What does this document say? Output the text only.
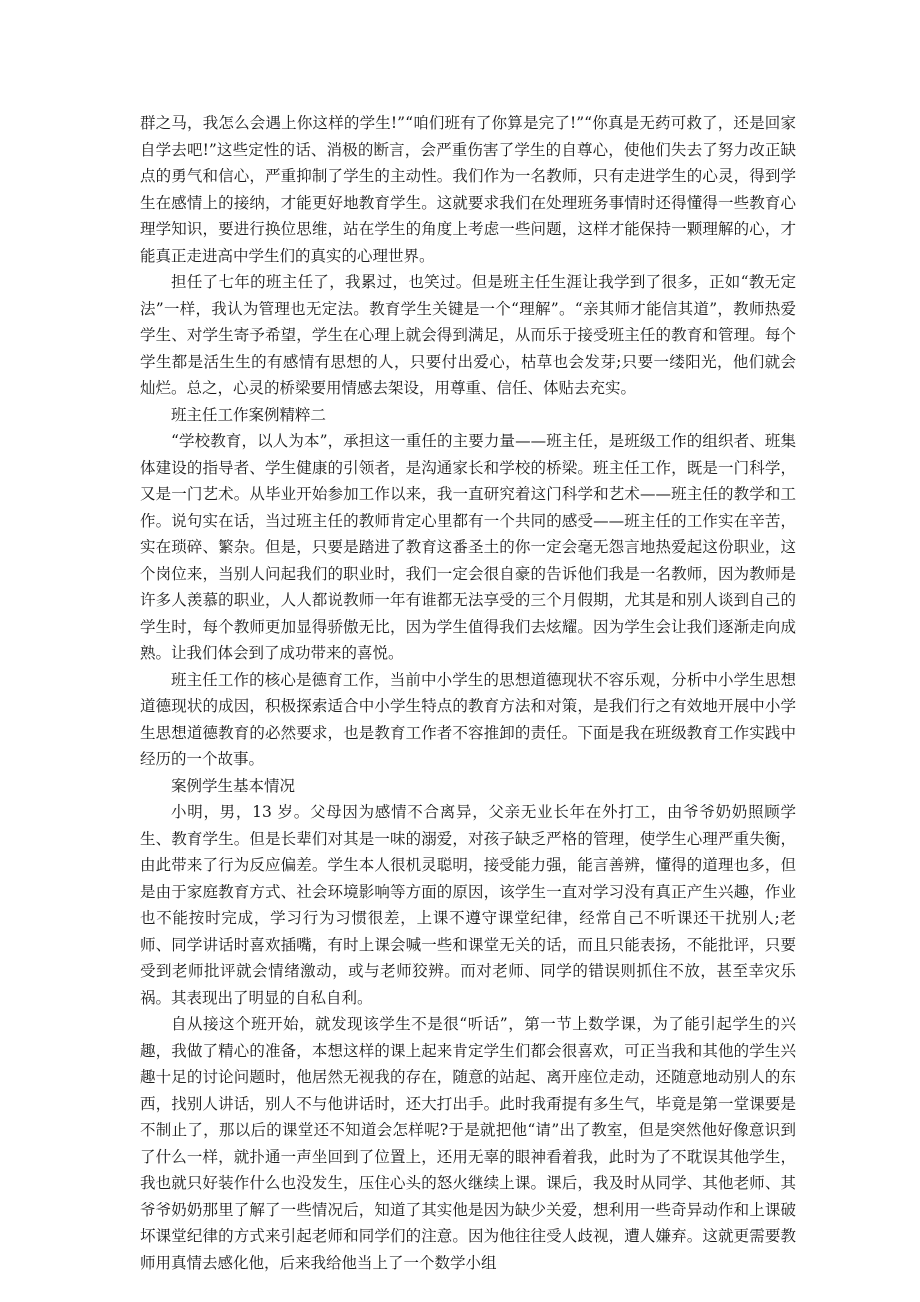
群之马，我怎么会遇上你这样的学生!”“咱们班有了你算是完了!”“你真是无药可救了，还是回家自学去吧!”这些定性的话、消极的断言，会严重伤害了学生的自尊心，使他们失去了努力改正缺点的勇气和信心，严重抑制了学生的主动性。我们作为一名教师，只有走进学生的心灵，得到学生在感情上的接纳，才能更好地教育学生。这就要求我们在处理班务事情时还得懂得一些教育心理学知识，要进行换位思维，站在学生的角度上考虑一些问题，这样才能保持一颗理解的心，才能真正走进高中学生们的真实的心理世界。

担任了七年的班主任了，我累过，也笑过。但是班主任生涯让我学到了很多，正如“教无定法”一样，我认为管理也无定法。教育学生关键是一个“理解”。“亲其师才能信其道”，教师热爱学生、对学生寄予希望，学生在心理上就会得到满足，从而乐于接受班主任的教育和管理。每个学生都是活生生的有感情有思想的人，只要付出爱心，枯草也会发芽;只要一缕阳光，他们就会灿烂。总之，心灵的桥梁要用情感去架设，用尊重、信任、体贴去充实。

班主任工作案例精粹二

“学校教育，以人为本”，承担这一重任的主要力量——班主任，是班级工作的组织者、班集体建设的指导者、学生健康的引领者，是沟通家长和学校的桥梁。班主任工作，既是一门科学，又是一门艺术。从毕业开始参加工作以来，我一直研究着这门科学和艺术——班主任的教学和工作。说句实在话，当过班主任的教师肯定心里都有一个共同的感受——班主任的工作实在辛苦，实在琐碎、繁杂。但是，只要是踏进了教育这番圣土的你一定会毫无怨言地热爱起这份职业，这个岗位来，当别人问起我们的职业时，我们一定会很自豪的告诉他们我是一名教师，因为教师是许多人羡慕的职业，人人都说教师一年有谁都无法享受的三个月假期，尤其是和别人谈到自己的学生时，每个教师更加显得骄傲无比，因为学生值得我们去炫耀。因为学生会让我们逐渐走向成熟。让我们体会到了成功带来的喜悦。

班主任工作的核心是德育工作，当前中小学生的思想道德现状不容乐观，分析中小学生思想道德现状的成因，积极探索适合中小学生特点的教育方法和对策，是我们行之有效地开展中小学生思想道德教育的必然要求，也是教育工作者不容推卸的责任。下面是我在班级教育工作实践中经历的一个故事。

案例学生基本情况

小明，男，13 岁。父母因为感情不合离异，父亲无业长年在外打工，由爷爷奶奶照顾学生、教育学生。但是长辈们对其是一味的溺爱，对孩子缺乏严格的管理，使学生心理严重失衡，由此带来了行为反应偏差。学生本人很机灵聪明，接受能力强，能言善辨，懂得的道理也多，但是由于家庭教育方式、社会环境影响等方面的原因，该学生一直对学习没有真正产生兴趣，作业也不能按时完成，学习行为习惯很差，上课不遵守课堂纪律，经常自己不听课还干扰别人;老师、同学讲话时喜欢插嘴，有时上课会喊一些和课堂无关的话，而且只能表扬，不能批评，只要受到老师批评就会情绪激动，或与老师狡辨。而对老师、同学的错误则抓住不放，甚至幸灾乐祸。其表现出了明显的自私自利。

自从接这个班开始，就发现该学生不是很“听话”，第一节上数学课，为了能引起学生的兴趣，我做了精心的准备，本想这样的课上起来肯定学生们都会很喜欢，可正当我和其他的学生兴趣十足的讨论问题时，他居然无视我的存在，随意的站起、离开座位走动，还随意地动别人的东西，找别人讲话，别人不与他讲话时，还大打出手。此时我甭提有多生气，毕竟是第一堂课要是不制止了，那以后的课堂还不知道会怎样呢?于是就把他“请”出了教室，但是突然他好像意识到了什么一样，就扑通一声坐回到了位置上，还用无辜的眼神看着我，此时为了不耽误其他学生，我也就只好装作什么也没发生，压住心头的怒火继续上课。课后，我及时从同学、其他老师、其爷爷奶奶那里了解了一些情况后，知道了其实他是因为缺少关爱，想利用一些奇异动作和上课破坏课堂纪律的方式来引起老师和同学们的注意。因为他往往受人歧视，遭人嫌弃。这就更需要教师用真情去感化他，后来我给他当上了一个数学小组
